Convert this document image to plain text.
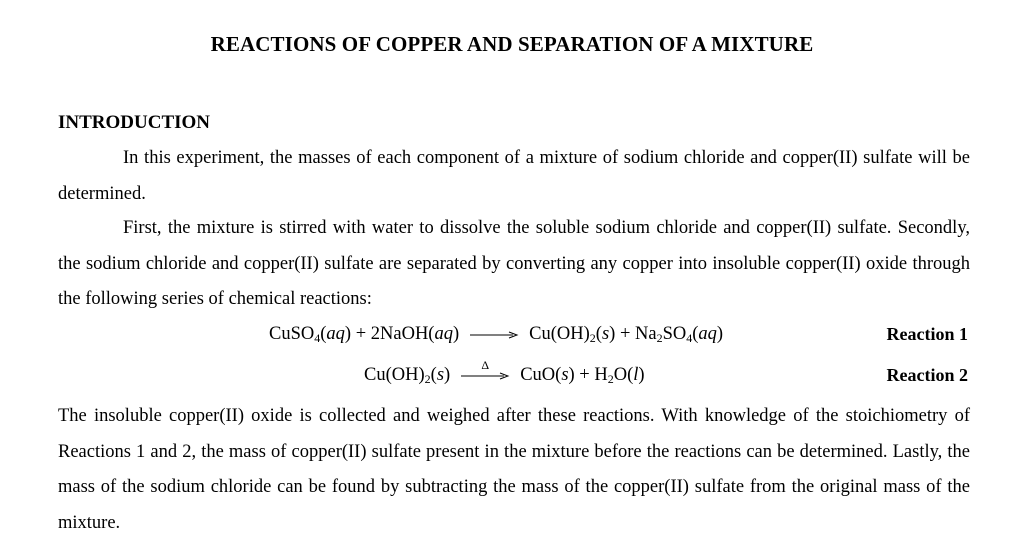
REACTIONS OF COPPER AND SEPARATION OF A MIXTURE
INTRODUCTION
In this experiment, the masses of each component of a mixture of sodium chloride and copper(II) sulfate will be determined.
First, the mixture is stirred with water to dissolve the soluble sodium chloride and copper(II) sulfate. Secondly, the sodium chloride and copper(II) sulfate are separated by converting any copper into insoluble copper(II) oxide through the following series of chemical reactions:
CuSO$_4$(aq) + 2NaOH(aq) → $Cu(OH)_2(s) + Na_2SO_4(aq)$	Reaction 1
$Cu(OH)_2(s)$
Δ
$CuO(s) + H_2O(l)$	Reaction 2
The insoluble copper(II) oxide is collected and weighed after these reactions. With knowledge of the stoichiometry of Reactions 1 and 2, the mass of copper(II) sulfate present in the mixture before the reactions can be determined. Lastly, the mass of the sodium chloride can be found by subtracting the mass of the copper(II) sulfate from the original mass of the mixture.
